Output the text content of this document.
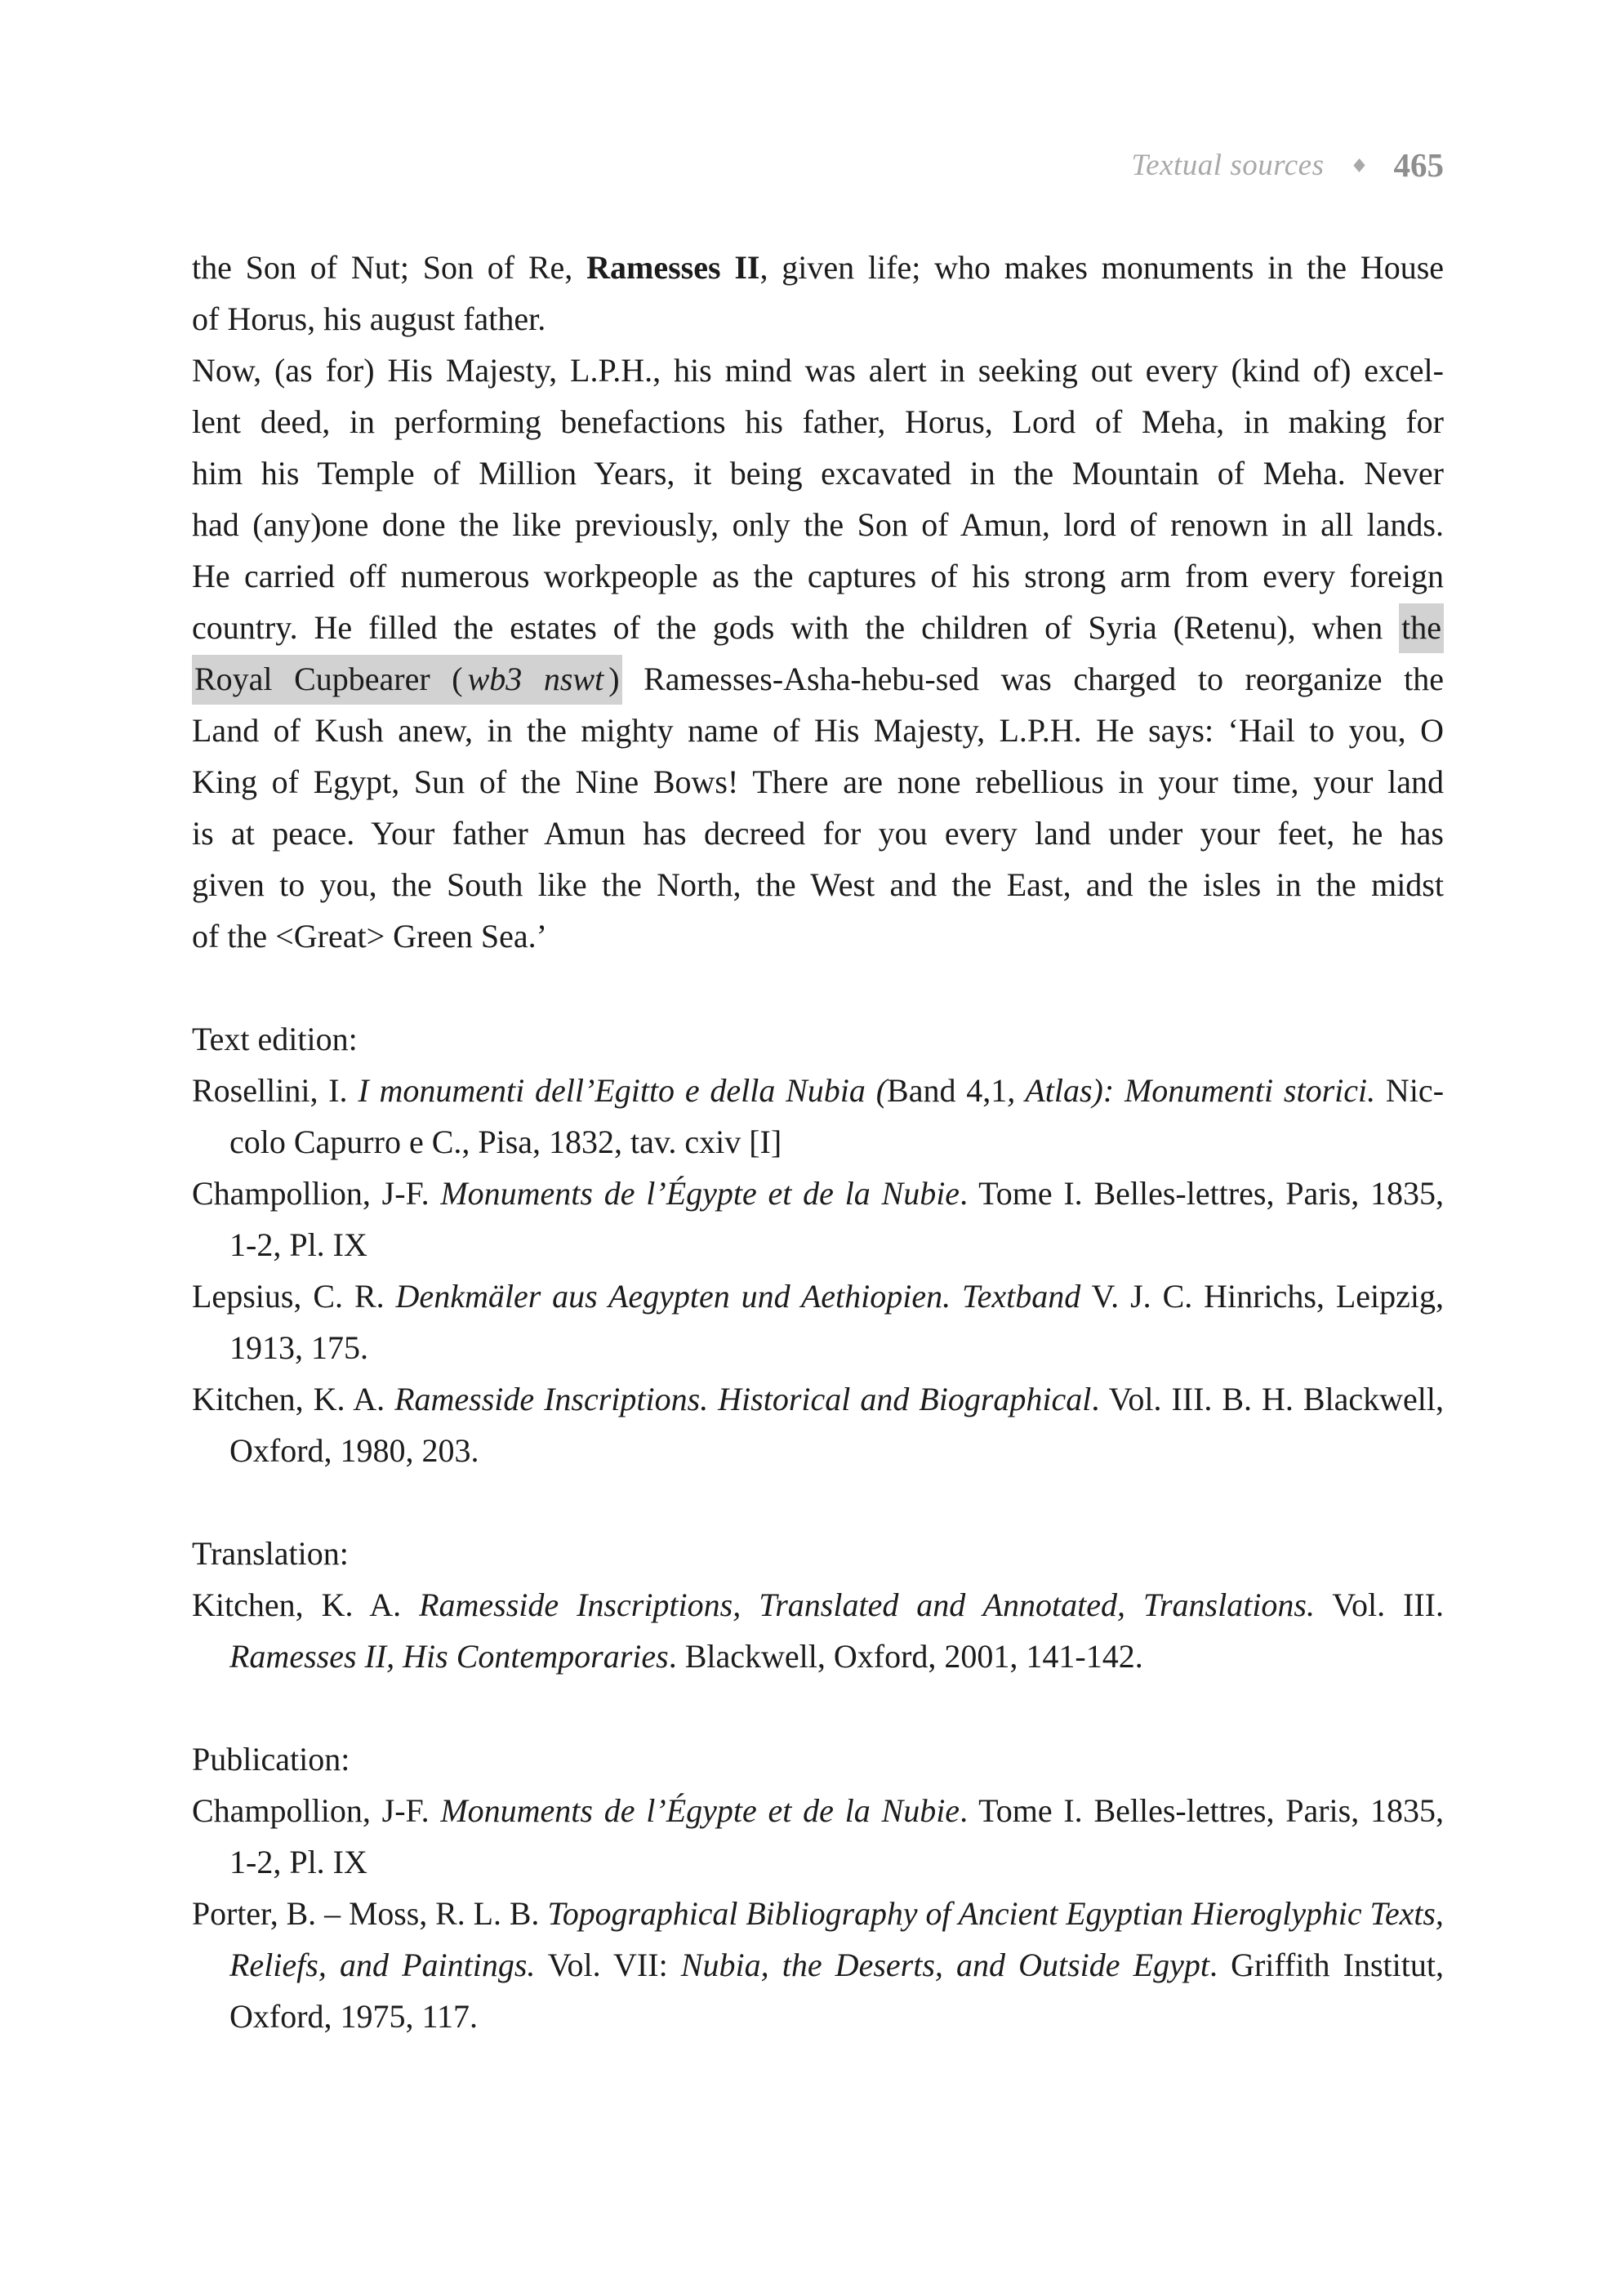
Textual sources 465
the Son of Nut; Son of Re, Ramesses II, given life; who makes monuments in the House
of Horus, his august father.
Now, (as for) His Majesty, L.P.H., his mind was alert in seeking out every (kind of) excel-
lent deed, in performing benefactions his father, Horus, Lord of Meha, in making for
him his Temple of Million Years, it being excavated in the Mountain of Meha. Never
had (any)one done the like previously, only the Son of Amun, lord of renown in all lands.
He carried off numerous workpeople as the captures of his strong arm from every foreign
country. He filled the estates of the gods with the children of Syria (Retenu), when the
Royal Cupbearer ( wb3 nswt ) Ramesses-Asha-hebu-sed was charged to reorganize the
Land of Kush anew, in the mighty name of His Majesty, L.P.H. He says: ‘Hail to you, O
King of Egypt, Sun of the Nine Bows! There are none rebellious in your time, your land
is at peace. Your father Amun has decreed for you every land under your feet, he has
given to you, the South like the North, the West and the East, and the isles in the midst
of the <Great> Green Sea.’
Text edition:
Rosellini, I. I monumenti dell’Egitto e della Nubia (Band 4,1, Atlas): Monumenti storici. Nic-
colo Capurro e C., Pisa, 1832, tav. cxiv [I]
Champollion, J-F. Monuments de l’Égypte et de la Nubie. Tome I. Belles-lettres, Paris, 1835,
1-2, Pl. IX
Lepsius, C. R. Denkmäler aus Aegypten und Aethiopien. Textband V. J. C. Hinrichs, Leipzig,
1913, 175.
Kitchen, K. A. Ramesside Inscriptions. Historical and Biographical. Vol. III. B. H. Blackwell,
Oxford, 1980, 203.
Translation:
Kitchen, K. A. Ramesside Inscriptions, Translated and Annotated, Translations. Vol. III.
Ramesses II, His Contemporaries. Blackwell, Oxford, 2001, 141-142.
Publication:
Champollion, J-F. Monuments de l’Égypte et de la Nubie. Tome I. Belles-lettres, Paris, 1835,
1-2, Pl. IX
Porter, B. – Moss, R. L. B. Topographical Bibliography of Ancient Egyptian Hieroglyphic Texts,
Reliefs, and Paintings. Vol. VII: Nubia, the Deserts, and Outside Egypt. Griffith Institut,
Oxford, 1975, 117.
